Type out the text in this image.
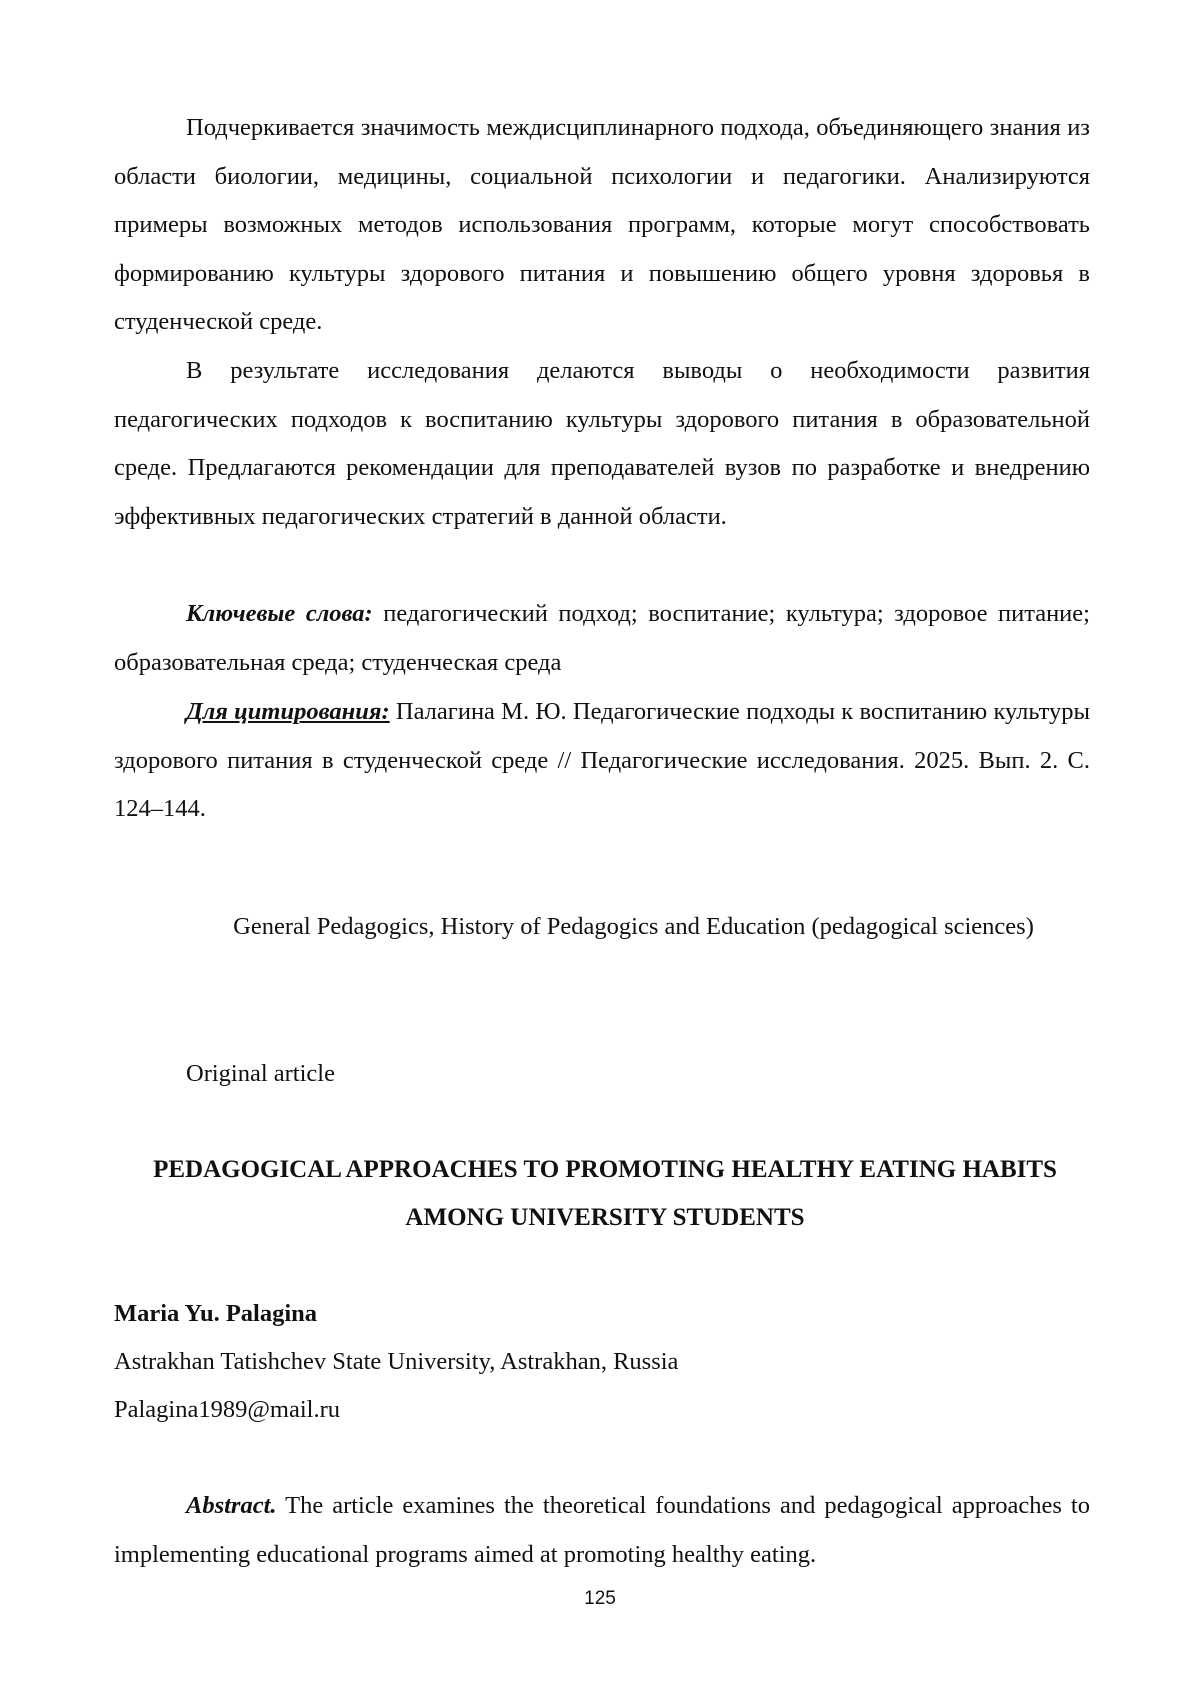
Подчеркивается значимость междисциплинарного подхода, объединяющего знания из области биологии, медицины, социальной психологии и педагогики. Анализируются примеры возможных методов использования программ, которые могут способствовать формированию культуры здорового питания и повышению общего уровня здоровья в студенческой среде.

В результате исследования делаются выводы о необходимости развития педагогических подходов к воспитанию культуры здорового питания в образовательной среде. Предлагаются рекомендации для преподавателей вузов по разработке и внедрению эффективных педагогических стратегий в данной области.

Ключевые слова: педагогический подход; воспитание; культура; здоровое питание; образовательная среда; студенческая среда

Для цитирования: Палагина М. Ю. Педагогические подходы к воспитанию культуры здорового питания в студенческой среде // Педагогические исследования. 2025. Вып. 2. С. 124–144.

General Pedagogics, History of Pedagogics and Education (pedagogical sciences)

Original article

PEDAGOGICAL APPROACHES TO PROMOTING HEALTHY EATING HABITS AMONG UNIVERSITY STUDENTS

Maria Yu. Palagina

Astrakhan Tatishchev State University, Astrakhan, Russia

Palagina1989@mail.ru

Abstract. The article examines the theoretical foundations and pedagogical approaches to implementing educational programs aimed at promoting healthy eating.

125
